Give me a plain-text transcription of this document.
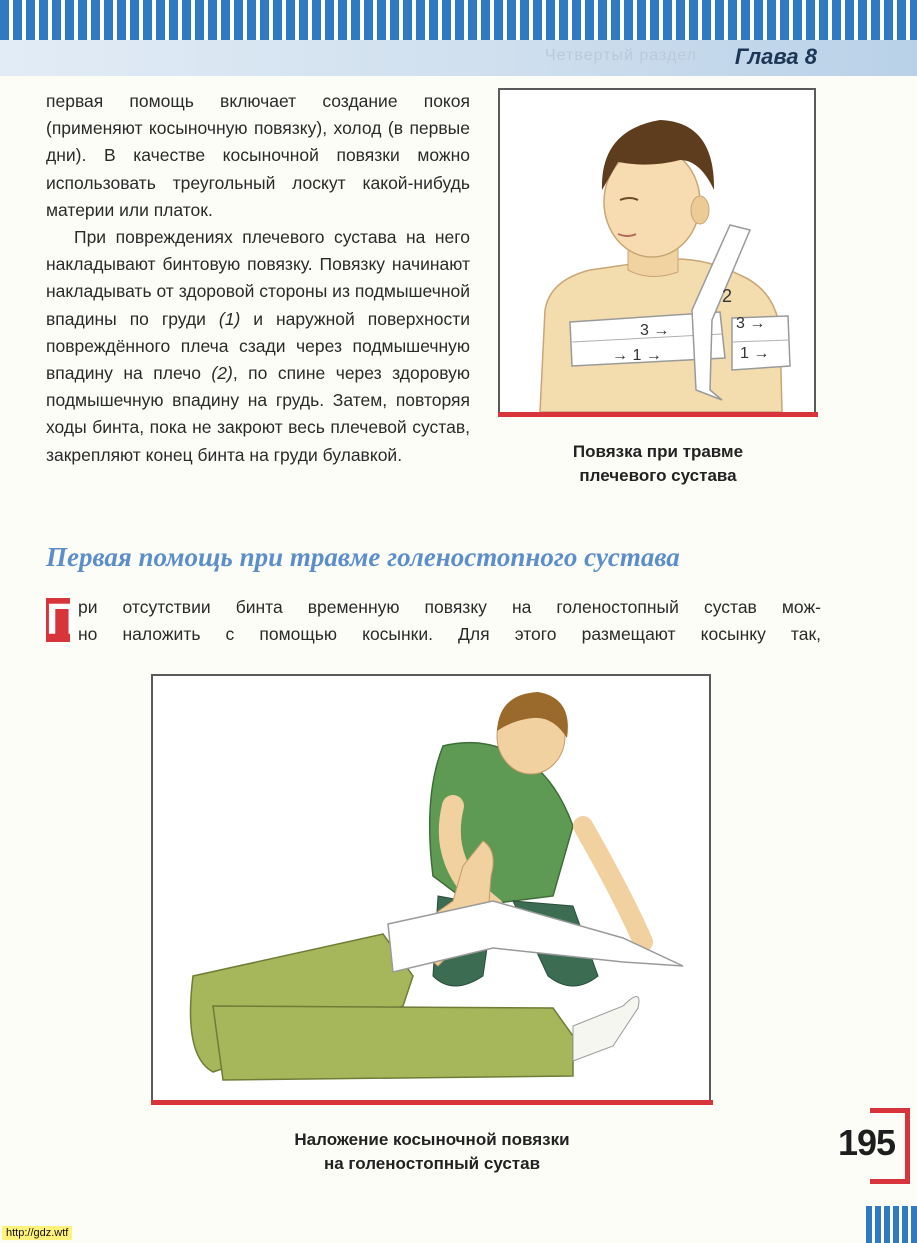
Четвертый раздел Глава 8

первая помощь включает создание покоя (применяют косыночную повязку), холод (в первые дни). В качестве косыночной повязки можно использовать треугольный лоскут какой-нибудь материи или платок.

При повреждениях плечевого сустава на него накладывают бинтовую повязку. Повязку начинают накладывать от здоровой стороны из подмышечной впадины по груди (1) и наружной поверхности повреждённого плеча сзади через подмышечную впадину на плечо (2), по спине через здоровую подмышечную впадину на грудь. Затем, повторяя ходы бинта, пока не закроют весь плечевой сустав, закрепляют конец бинта на груди булавкой.

→ 1 →
3 →
2
3 →
1 →
Повязка при травме
плечевого сустава
Первая помощь при травме голеностопного сустава
П ри отсутствии бинта временную повязку на голеностопный сустав мож-
но наложить с помощью косынки. Для этого размещают косынку так,
Наложение косыночной повязки
на голеностопный сустав
195
http://gdz.wtf
